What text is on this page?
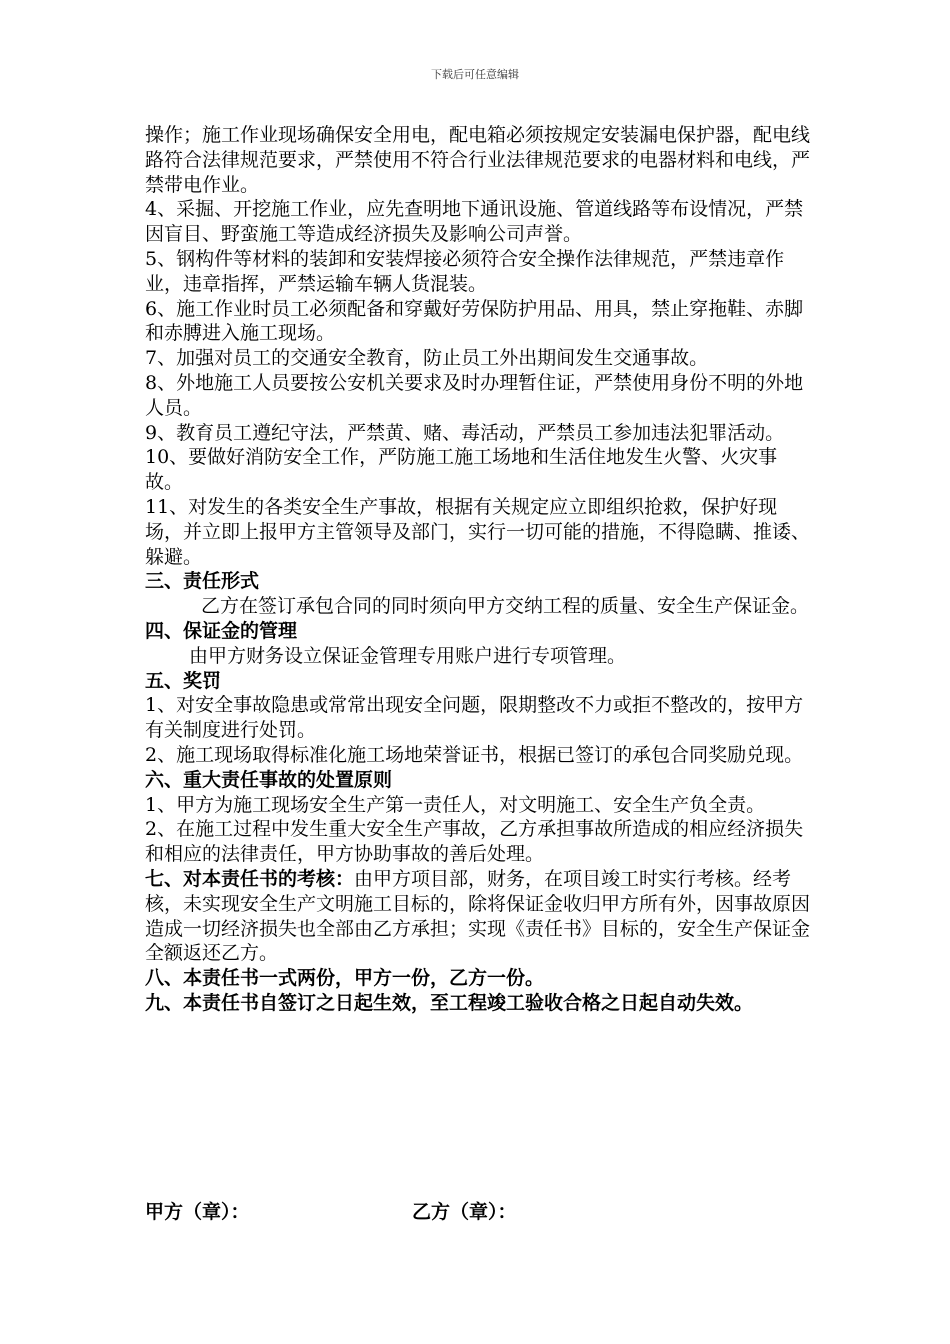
下载后可任意编辑

操作；施工作业现场确保安全用电，配电箱必须按规定安装漏电保护器，配电线路符合法律规范要求，严禁使用不符合行业法律规范要求的电器材料和电线，严禁带电作业。

4、采掘、开挖施工作业，应先查明地下通讯设施、管道线路等布设情况，严禁因盲目、野蛮施工等造成经济损失及影响公司声誉。

5、钢构件等材料的装卸和安装焊接必须符合安全操作法律规范，严禁违章作业，违章指挥，严禁运输车辆人货混装。

6、施工作业时员工必须配备和穿戴好劳保防护用品、用具，禁止穿拖鞋、赤脚和赤膊进入施工现场。

7、加强对员工的交通安全教育，防止员工外出期间发生交通事故。

8、外地施工人员要按公安机关要求及时办理暂住证，严禁使用身份不明的外地人员。

9、教育员工遵纪守法，严禁黄、赌、毒活动，严禁员工参加违法犯罪活动。

10、要做好消防安全工作，严防施工施工场地和生活住地发生火警、火灾事故。

11、对发生的各类安全生产事故，根据有关规定应立即组织抢救，保护好现场，并立即上报甲方主管领导及部门，实行一切可能的措施，不得隐瞒、推诿、躲避。

三、责任形式

乙方在签订承包合同的同时须向甲方交纳工程的质量、安全生产保证金。

四、保证金的管理

由甲方财务设立保证金管理专用账户进行专项管理。

五、奖罚

1、对安全事故隐患或常常出现安全问题，限期整改不力或拒不整改的，按甲方有关制度进行处罚。

2、施工现场取得标准化施工场地荣誉证书，根据已签订的承包合同奖励兑现。

六、重大责任事故的处置原则

1、甲方为施工现场安全生产第一责任人，对文明施工、安全生产负全责。

2、在施工过程中发生重大安全生产事故，乙方承担事故所造成的相应经济损失和相应的法律责任，甲方协助事故的善后处理。

七、对本责任书的考核：由甲方项目部，财务，在项目竣工时实行考核。经考核，未实现安全生产文明施工目标的，除将保证金收归甲方所有外，因事故原因造成一切经济损失也全部由乙方承担；实现《责任书》目标的，安全生产保证金全额返还乙方。

八、本责任书一式两份，甲方一份，乙方一份。

九、本责任书自签订之日起生效，至工程竣工验收合格之日起自动失效。

甲方（章）：	乙方（章）：
